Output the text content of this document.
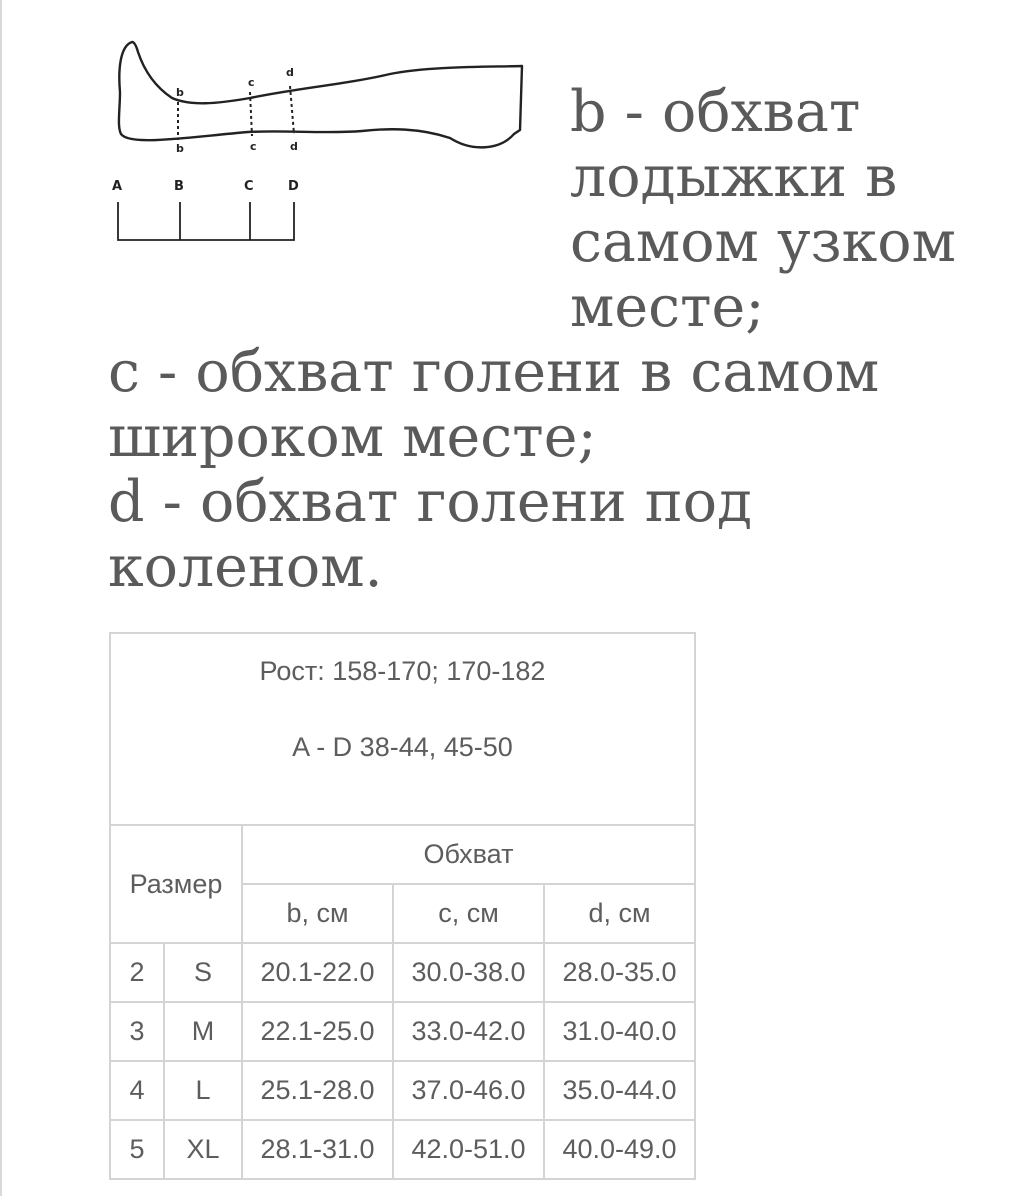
b
c
d
b	c	d
A	B	C	D
b - обхват
лодыжки в
самом узком
месте;
с - обхват голени в самом
широком месте;
d - обхват голени под
коленом.
Рост: 158-170; 170-182
A - D 38-44, 45-50				

Размер		Обхват		
		b, см	с, см	d, см
2	S	20.1-22.0	30.0-38.0	28.0-35.0
3	M	22.1-25.0	33.0-42.0	31.0-40.0
4	L	25.1-28.0	37.0-46.0	35.0-44.0
5	XL	28.1-31.0	42.0-51.0	40.0-49.0
